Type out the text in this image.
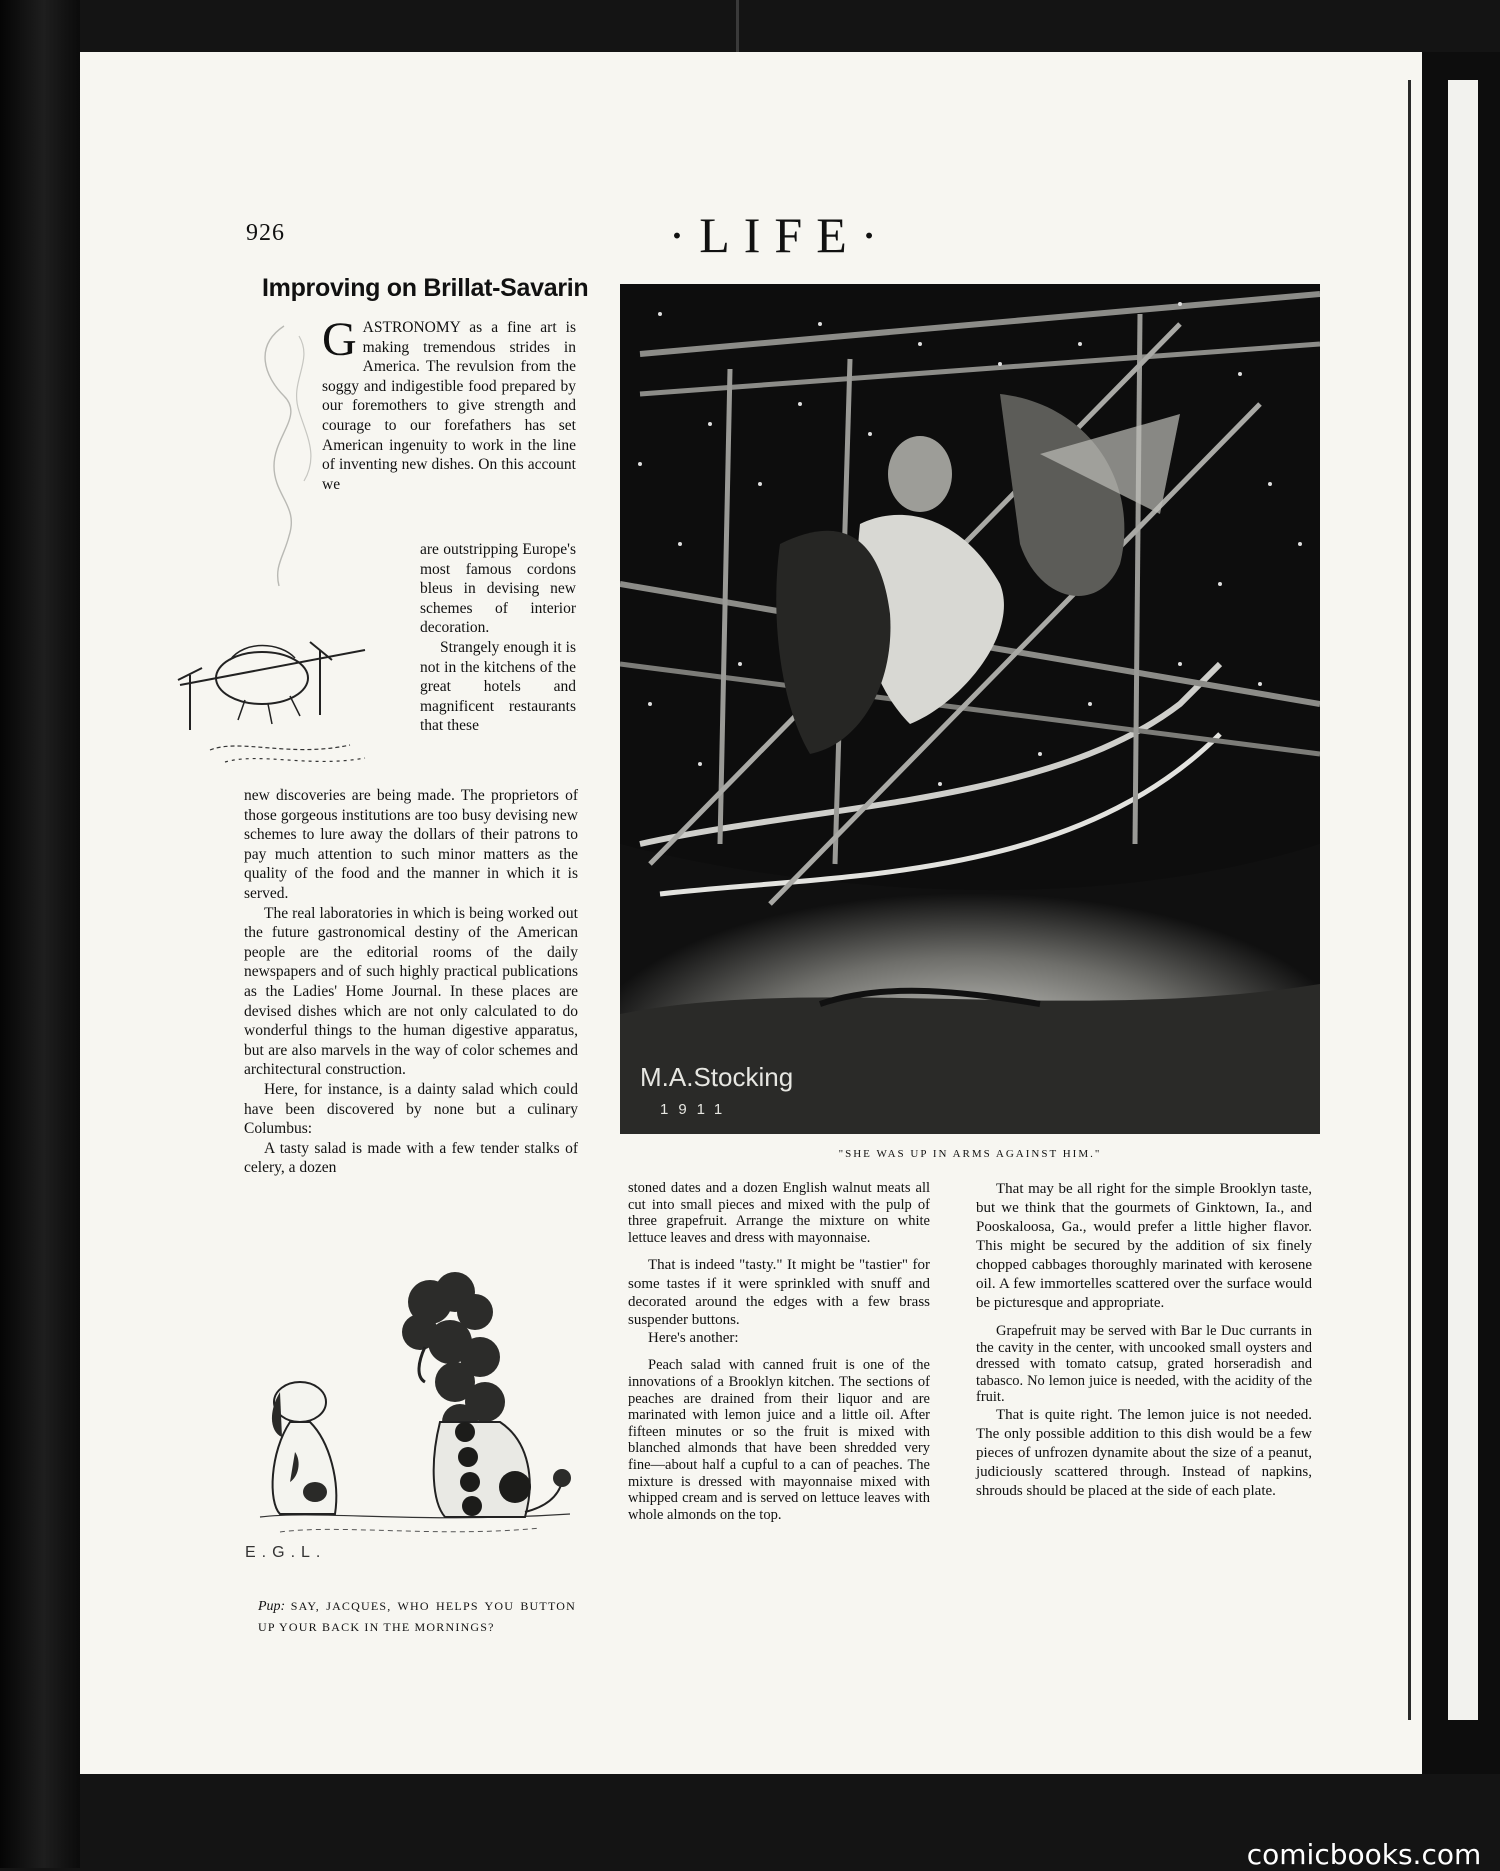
926	·LIFE·
Improving on Brillat-Savarin

GASTRONOMY as a fine art is making tremendous strides in America. The revulsion from the soggy and indigestible food prepared by our foremothers to give strength and courage to our forefathers has set American ingenuity to work in the line of inventing new dishes. On this account we

are outstripping Europe's most famous cordons bleus in devising new schemes of interior decoration.

Strangely enough it is not in the kitchens of the great hotels and magnificent restaurants that these

new discoveries are being made. The proprietors of those gorgeous institutions are too busy devising new schemes to lure away the dollars of their patrons to pay much attention to such minor matters as the quality of the food and the manner in which it is served.

The real laboratories in which is being worked out the future gastronomical destiny of the American people are the editorial rooms of the daily newspapers and of such highly practical publications as the Ladies' Home Journal. In these places are devised dishes which are not only calculated to do wonderful things to the human digestive apparatus, but are also marvels in the way of color schemes and architectural construction.

Here, for instance, is a dainty salad which could have been discovered by none but a culinary Columbus:

A tasty salad is made with a few tender stalks of celery, a dozen

M.A.Stocking
1911
"SHE WAS UP IN ARMS AGAINST HIM."

stoned dates and a dozen English walnut meats all cut into small pieces and mixed with the pulp of three grapefruit. Arrange the mixture on white lettuce leaves and dress with mayonnaise.

That is indeed "tasty." It might be "tastier" for some tastes if it were sprinkled with snuff and decorated around the edges with a few brass suspender buttons.

Here's another:

Peach salad with canned fruit is one of the innovations of a Brooklyn kitchen. The sections of peaches are drained from their liquor and are marinated with lemon juice and a little oil. After fifteen minutes or so the fruit is mixed with blanched almonds that have been shredded very fine—about half a cupful to a can of peaches. The mixture is dressed with mayonnaise mixed with whipped cream and is served on lettuce leaves with whole almonds on the top.

That may be all right for the simple Brooklyn taste, but we think that the gourmets of Ginktown, Ia., and Pooskaloosa, Ga., would prefer a little higher flavor. This might be secured by the addition of six finely chopped cabbages thoroughly marinated with kerosene oil. A few immortelles scattered over the surface would be picturesque and appropriate.

Grapefruit may be served with Bar le Duc currants in the cavity in the center, with uncooked small oysters and dressed with tomato catsup, grated horseradish and tabasco. No lemon juice is needed, with the acidity of the fruit.

That is quite right. The lemon juice is not needed. The only possible addition to this dish would be a few pieces of unfrozen dynamite about the size of a peanut, judiciously scattered through. Instead of napkins, shrouds should be placed at the side of each plate.

E.G.L.
Pup: SAY, JACQUES, WHO HELPS YOU BUTTON UP YOUR BACK IN THE MORNINGS?
comicbooks.com
